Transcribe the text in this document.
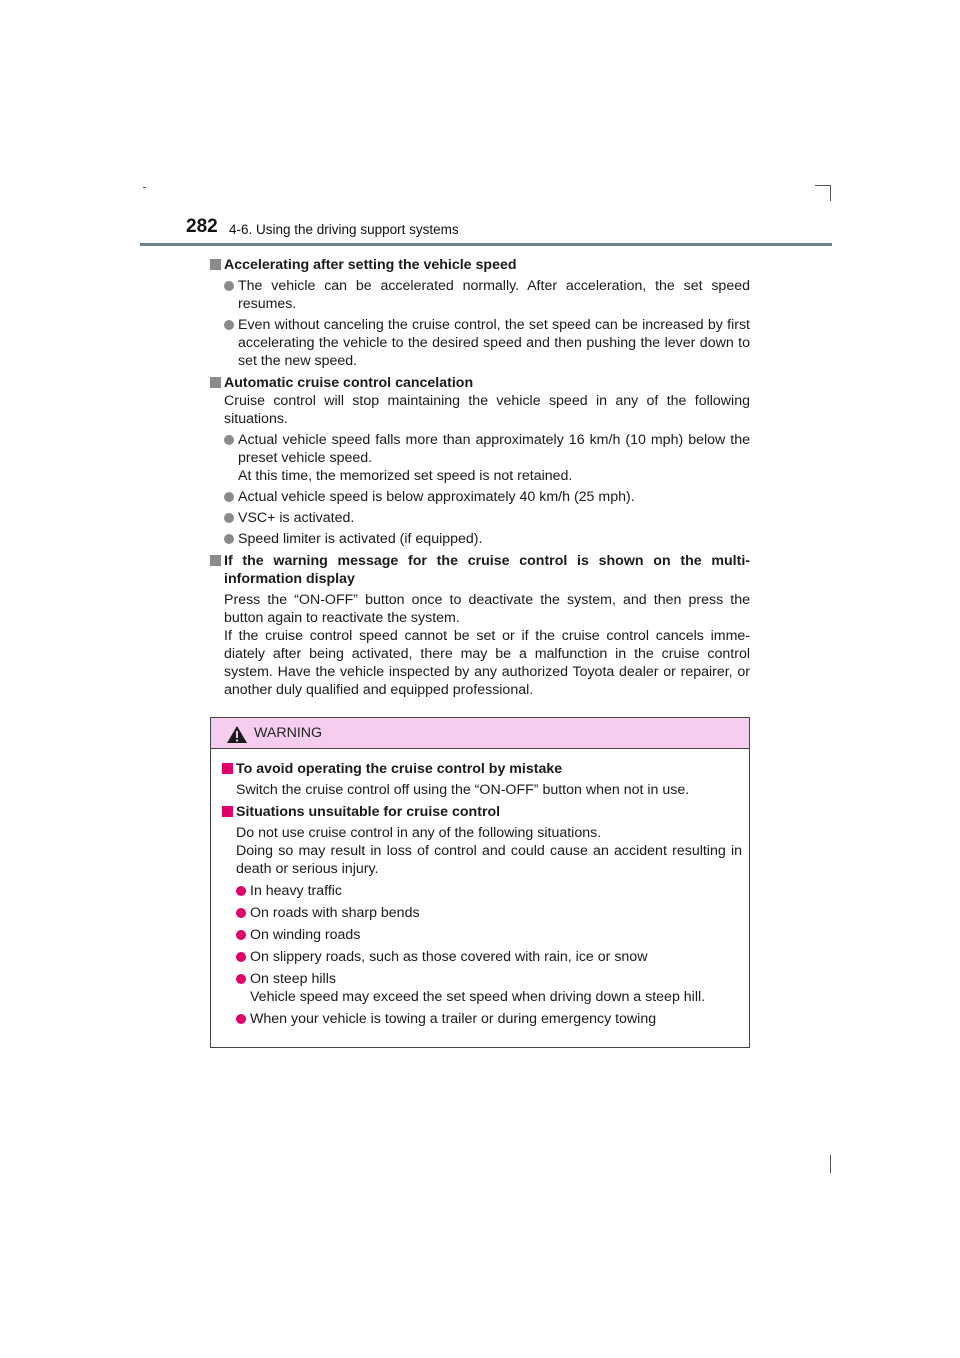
282 4-6. Using the driving support systems
Accelerating after setting the vehicle speed
The vehicle can be accelerated normally. After acceleration, the set speed resumes.
Even without canceling the cruise control, the set speed can be increased by first accelerating the vehicle to the desired speed and then pushing the lever down to set the new speed.
Automatic cruise control cancelation
Cruise control will stop maintaining the vehicle speed in any of the following situations.
Actual vehicle speed falls more than approximately 16 km/h (10 mph) below the preset vehicle speed.
At this time, the memorized set speed is not retained.
Actual vehicle speed is below approximately 40 km/h (25 mph).
VSC+ is activated.
Speed limiter is activated (if equipped).
If the warning message for the cruise control is shown on the multi-information display
Press the “ON-OFF” button once to deactivate the system, and then press the button again to reactivate the system.
If the cruise control speed cannot be set or if the cruise control cancels imme-diately after being activated, there may be a malfunction in the cruise control system. Have the vehicle inspected by any authorized Toyota dealer or repairer, or another duly qualified and equipped professional.
WARNING
To avoid operating the cruise control by mistake
Switch the cruise control off using the “ON-OFF” button when not in use.
Situations unsuitable for cruise control
Do not use cruise control in any of the following situations.
Doing so may result in loss of control and could cause an accident resulting in death or serious injury.
In heavy traffic
On roads with sharp bends
On winding roads
On slippery roads, such as those covered with rain, ice or snow
On steep hills
Vehicle speed may exceed the set speed when driving down a steep hill.
When your vehicle is towing a trailer or during emergency towing
